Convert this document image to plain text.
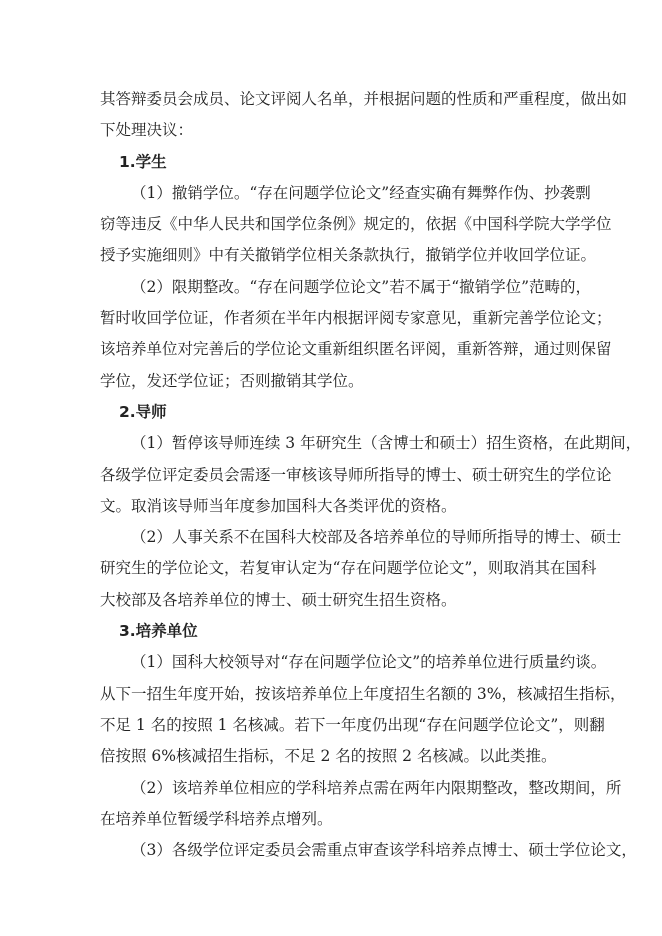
其答辩委员会成员、论文评阅人名单，并根据问题的性质和严重程度，做出如
下处理决议：
1.学生
（1）撤销学位。“存在问题学位论文”经查实确有舞弊作伪、抄袭剽
窃等违反《中华人民共和国学位条例》规定的，依据《中国科学院大学学位
授予实施细则》中有关撤销学位相关条款执行，撤销学位并收回学位证。
（2）限期整改。“存在问题学位论文”若不属于“撤销学位”范畴的，
暂时收回学位证，作者须在半年内根据评阅专家意见，重新完善学位论文；
该培养单位对完善后的学位论文重新组织匿名评阅，重新答辩，通过则保留
学位，发还学位证；否则撤销其学位。
2.导师
（1）暂停该导师连续 3 年研究生（含博士和硕士）招生资格，在此期间，
各级学位评定委员会需逐一审核该导师所指导的博士、硕士研究生的学位论
文。取消该导师当年度参加国科大各类评优的资格。
（2）人事关系不在国科大校部及各培养单位的导师所指导的博士、硕士
研究生的学位论文，若复审认定为“存在问题学位论文”，则取消其在国科
大校部及各培养单位的博士、硕士研究生招生资格。
3.培养单位
（1）国科大校领导对“存在问题学位论文”的培养单位进行质量约谈。
从下一招生年度开始，按该培养单位上年度招生名额的 3%，核减招生指标，
不足 1 名的按照 1 名核减。若下一年度仍出现“存在问题学位论文”，则翻
倍按照 6%核减招生指标，不足 2 名的按照 2 名核减。以此类推。
（2）该培养单位相应的学科培养点需在两年内限期整改，整改期间，所
在培养单位暂缓学科培养点增列。
（3）各级学位评定委员会需重点审查该学科培养点博士、硕士学位论文，
